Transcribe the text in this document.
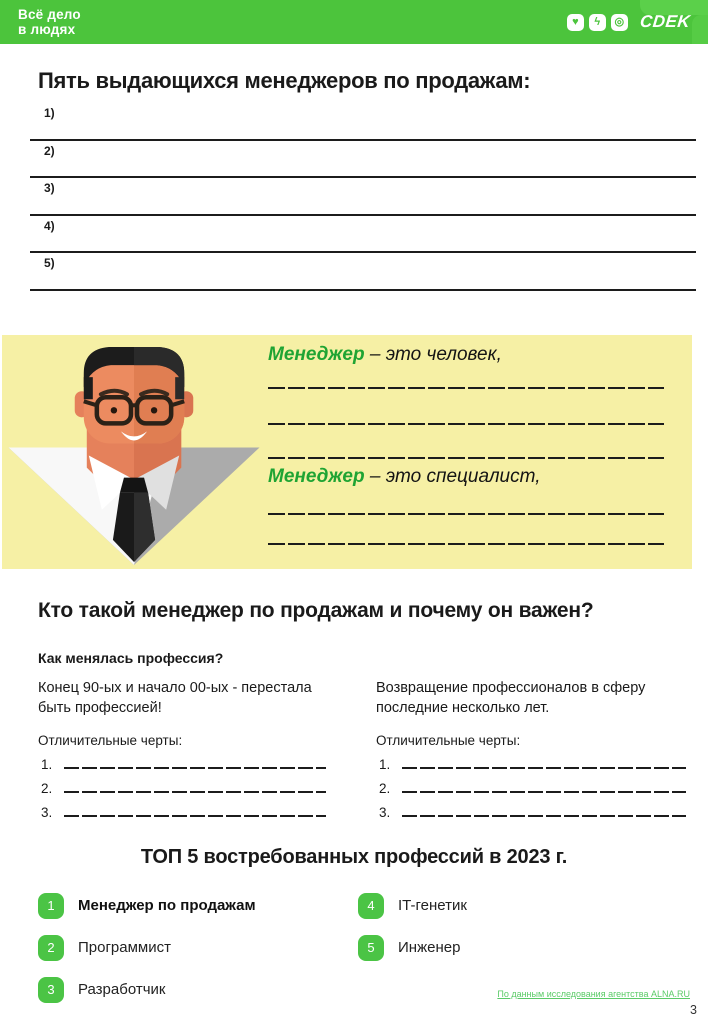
Всё дело
в людях
♥	ϟ	◎ CDEK
Пять выдающихся менеджеров по продажам:
1)
2)
3)
4)
5)
Менеджер – это человек,
Менеджер – это специалист,
Кто такой менеджер по продажам и почему он важен?
Как менялась профессия?

Конец 90-ых и начало 00-ых - перестала быть профессией!

Отличительные черты:
1.
2.
3.

Возвращение профессионалов в сферу последние несколько лет.

Отличительные черты:
1.
2.
3.
ТОП 5 востребованных профессий в 2023 г.
1	Менеджер по продажам
2	Программист
3	Разработчик
4	IT-генетик
5	Инженер
По данным исследования агентства ALNA.RU
3
